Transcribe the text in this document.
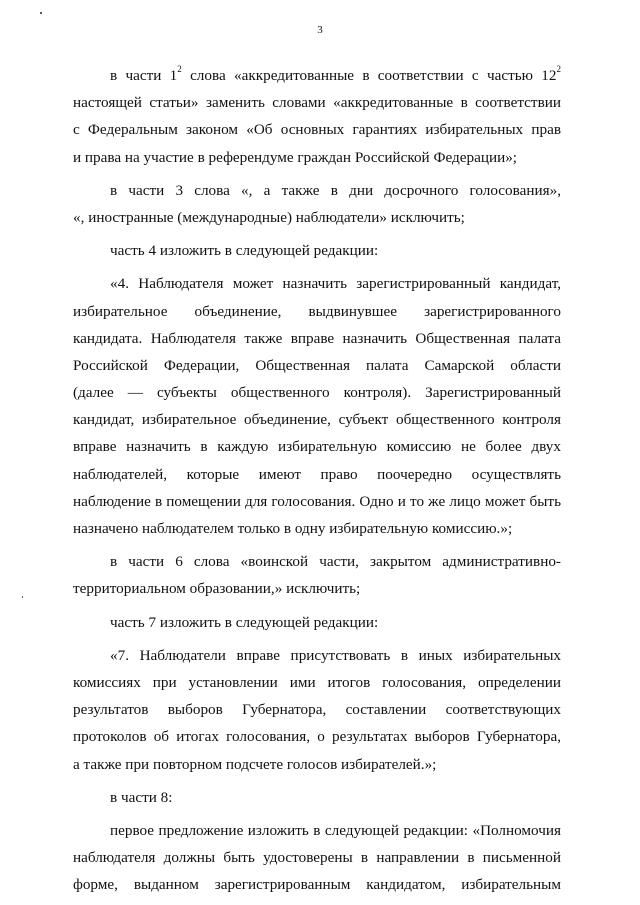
3
в части $1^2$ слова «аккредитованные в соответствии с частью $12^2$
настоящей статьи» заменить словами «аккредитованные в соответствии
с Федеральным законом «Об основных гарантиях избирательных прав
и права на участие в референдуме граждан Российской Федерации»;
в части 3 слова «, а также в дни досрочного голосования»,
«, иностранные (международные) наблюдатели» исключить;
часть 4 изложить в следующей редакции:
«4. Наблюдателя может назначить зарегистрированный кандидат,
избирательное объединение, выдвинувшее зарегистрированного
кандидата. Наблюдателя также вправе назначить Общественная палата
Российской Федерации, Общественная палата Самарской области
(далее — субъекты общественного контроля). Зарегистрированный
кандидат, избирательное объединение, субъект общественного контроля
вправе назначить в каждую избирательную комиссию не более двух
наблюдателей, которые имеют право поочередно осуществлять
наблюдение в помещении для голосования. Одно и то же лицо может быть
назначено наблюдателем только в одну избирательную комиссию.»;
в части 6 слова «воинской части, закрытом административно-
территориальном образовании,» исключить;
часть 7 изложить в следующей редакции:
«7. Наблюдатели вправе присутствовать в иных избирательных
комиссиях при установлении ими итогов голосования, определении
результатов выборов Губернатора, составлении соответствующих
протоколов об итогах голосования, о результатах выборов Губернатора,
а также при повторном подсчете голосов избирателей.»;
в части 8:
первое предложение изложить в следующей редакции: «Полномочия
наблюдателя должны быть удостоверены в направлении в письменной
форме, выданном зарегистрированным кандидатом, избирательным
